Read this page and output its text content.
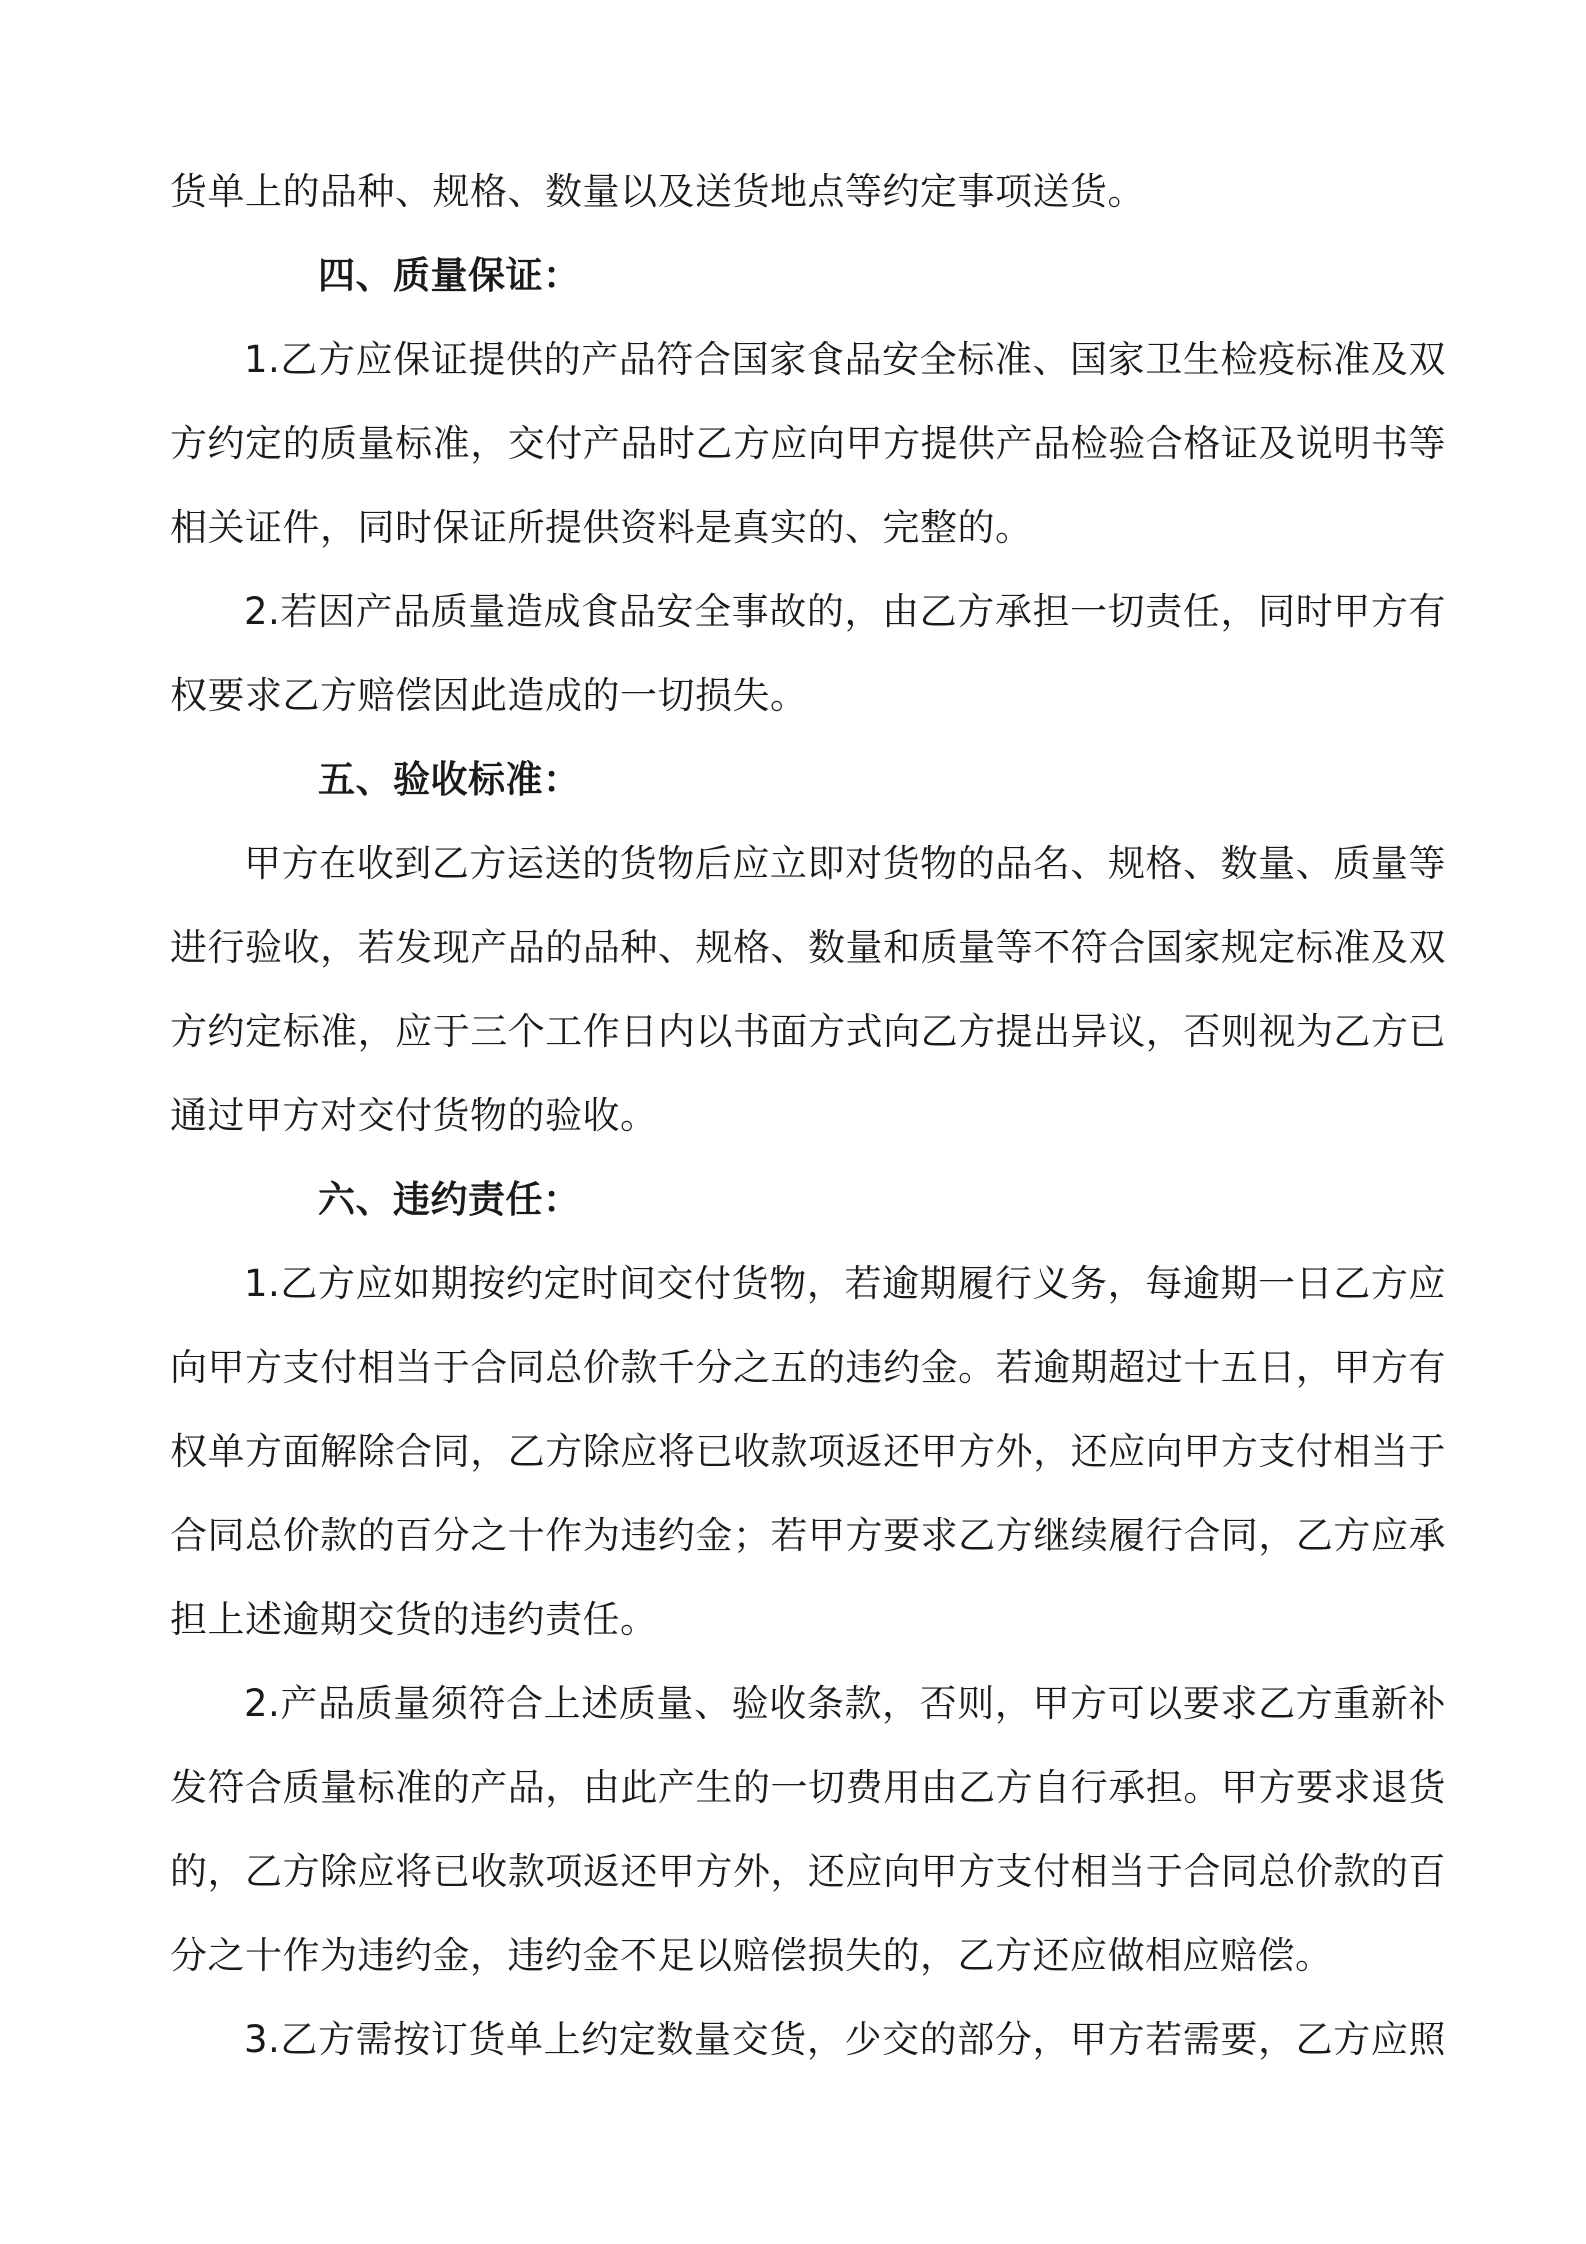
货单上的品种、规格、数量以及送货地点等约定事项送货。
四、质量保证：
1.乙方应保证提供的产品符合国家食品安全标准、国家卫生检疫标准及双
方约定的质量标准，交付产品时乙方应向甲方提供产品检验合格证及说明书等
相关证件，同时保证所提供资料是真实的、完整的。
2.若因产品质量造成食品安全事故的，由乙方承担一切责任，同时甲方有
权要求乙方赔偿因此造成的一切损失。
五、验收标准：
甲方在收到乙方运送的货物后应立即对货物的品名、规格、数量、质量等
进行验收，若发现产品的品种、规格、数量和质量等不符合国家规定标准及双
方约定标准，应于三个工作日内以书面方式向乙方提出异议，否则视为乙方已
通过甲方对交付货物的验收。
六、违约责任：
1.乙方应如期按约定时间交付货物，若逾期履行义务，每逾期一日乙方应
向甲方支付相当于合同总价款千分之五的违约金。若逾期超过十五日，甲方有
权单方面解除合同，乙方除应将已收款项返还甲方外，还应向甲方支付相当于
合同总价款的百分之十作为违约金；若甲方要求乙方继续履行合同，乙方应承
担上述逾期交货的违约责任。
2.产品质量须符合上述质量、验收条款，否则，甲方可以要求乙方重新补
发符合质量标准的产品，由此产生的一切费用由乙方自行承担。甲方要求退货
的，乙方除应将已收款项返还甲方外，还应向甲方支付相当于合同总价款的百
分之十作为违约金，违约金不足以赔偿损失的，乙方还应做相应赔偿。
3.乙方需按订货单上约定数量交货，少交的部分，甲方若需要，乙方应照
